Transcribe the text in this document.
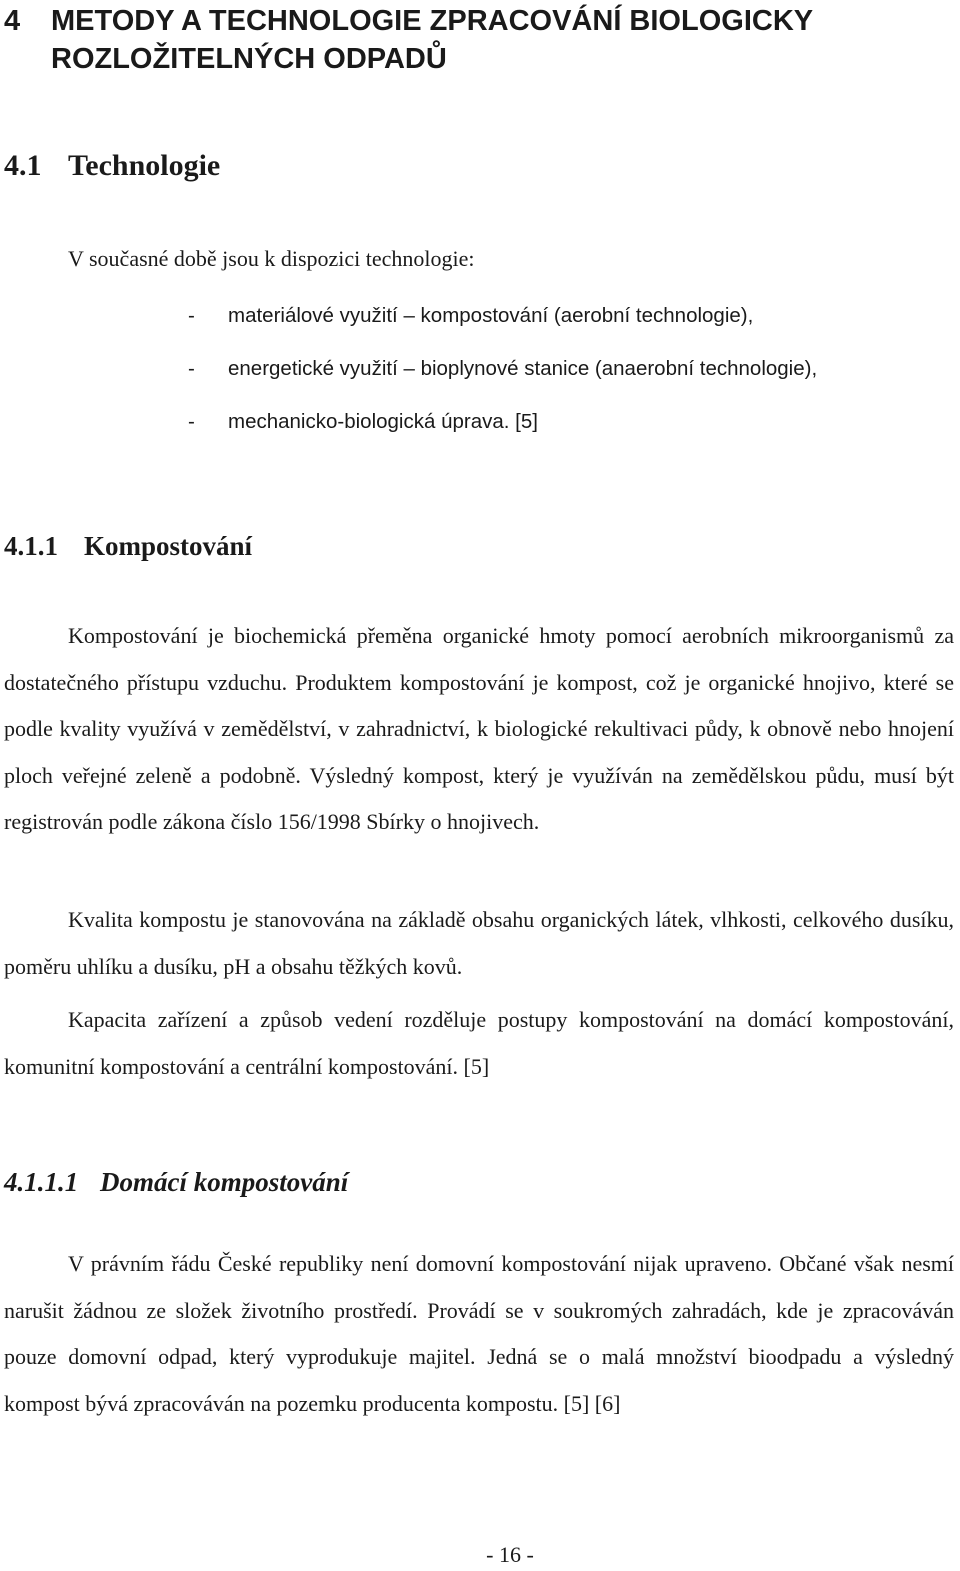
4 METODY A TECHNOLOGIE ZPRACOVÁNÍ BIOLOGICKY
ROZLOŽITELNÝCH ODPADŮ
4.1 Technologie

V současné době jsou k dispozici technologie:

- materiálové využití – kompostování (aerobní technologie),
- energetické využití – bioplynové stanice (anaerobní technologie),
- mechanicko-biologická úprava. [5]
4.1.1 Kompostování

Kompostování je biochemická přeměna organické hmoty pomocí aerobních mikroorganismů za dostatečného přístupu vzduchu. Produktem kompostování je kompost, což je organické hnojivo, které se podle kvality využívá v zemědělství, v zahradnictví, k biologické rekultivaci půdy, k obnově nebo hnojení ploch veřejné zeleně a podobně. Výsledný kompost, který je využíván na zemědělskou půdu, musí být registrován podle zákona číslo 156/1998 Sbírky o hnojivech.

Kvalita kompostu je stanovována na základě obsahu organických látek, vlhkosti, celkového dusíku, poměru uhlíku a dusíku, pH a obsahu těžkých kovů.

Kapacita zařízení a způsob vedení rozděluje postupy kompostování na domácí kompostování, komunitní kompostování a centrální kompostování. [5]

4.1.1.1 Domácí kompostování

V právním řádu České republiky není domovní kompostování nijak upraveno. Občané však nesmí narušit žádnou ze složek životního prostředí. Provádí se v soukromých zahradách, kde je zpracováván pouze domovní odpad, který vyprodukuje majitel. Jedná se o malá množství bioodpadu a výsledný kompost bývá zpracováván na pozemku producenta kompostu. [5] [6]

- 16 -
